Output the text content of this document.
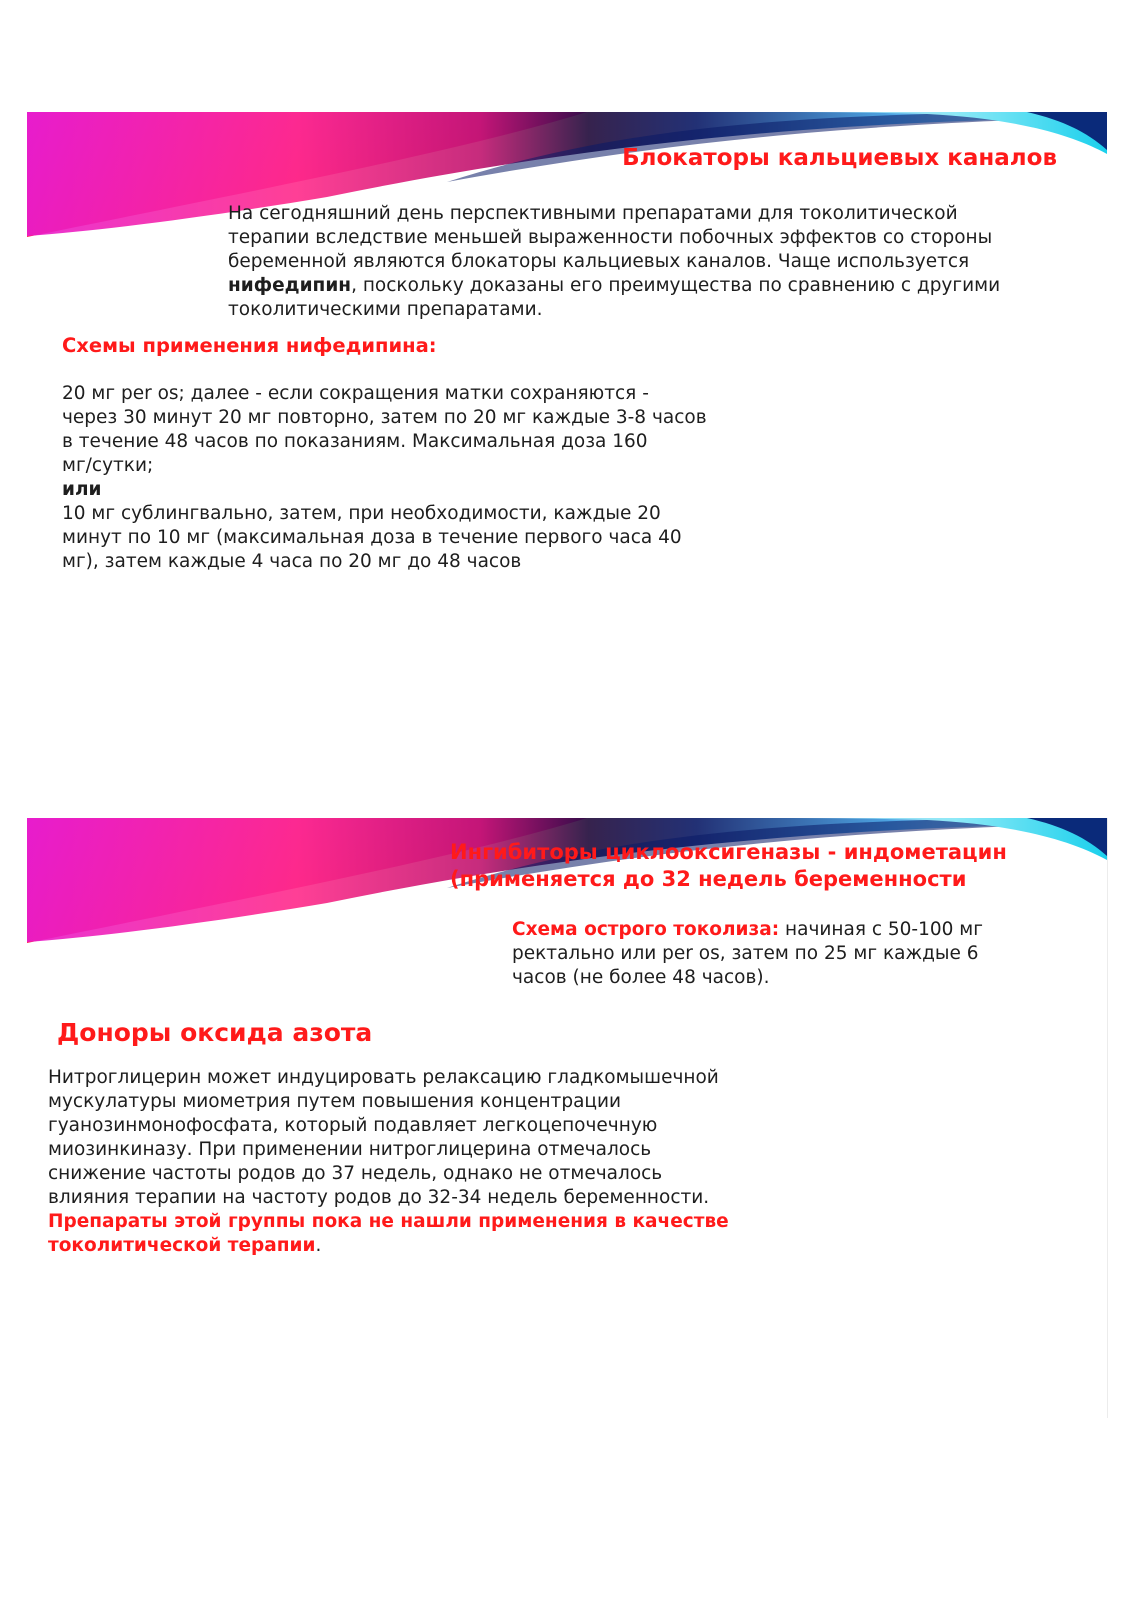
Блокаторы кальциевых каналов

На сегодняшний день перспективными препаратами для токолитической
терапии вследствие меньшей выраженности побочных эффектов со стороны
беременной являются блокаторы кальциевых каналов. Чаще используется
нифедипин, поскольку доказаны его преимущества по сравнению с другими
токолитическими препаратами.

Схемы применения нифедипина:

20 мг per os; далее - если сокращения матки сохраняются -
через 30 минут 20 мг повторно, затем по 20 мг каждые 3-8 часов
в течение 48 часов по показаниям. Максимальная доза 160
мг/сутки;
или
10 мг сублингвально, затем, при необходимости, каждые 20
минут по 10 мг (максимальная доза в течение первого часа 40
мг), затем каждые 4 часа по 20 мг до 48 часов

Ингибиторы циклооксигеназы - индометацин
(применяется до 32 недель беременности

Схема острого токолиза: начиная с 50-100 мг
ректально или per os, затем по 25 мг каждые 6
часов (не более 48 часов).

Доноры оксида азота

Нитроглицерин может индуцировать релаксацию гладкомышечной
мускулатуры миометрия путем повышения концентрации
гуанозинмонофосфата, который подавляет легкоцепочечную
миозинкиназу. При применении нитроглицерина отмечалось
снижение частоты родов до 37 недель, однако не отмечалось
влияния терапии на частоту родов до 32-34 недель беременности.
Препараты этой группы пока не нашли применения в качестве
токолитической терапии.
